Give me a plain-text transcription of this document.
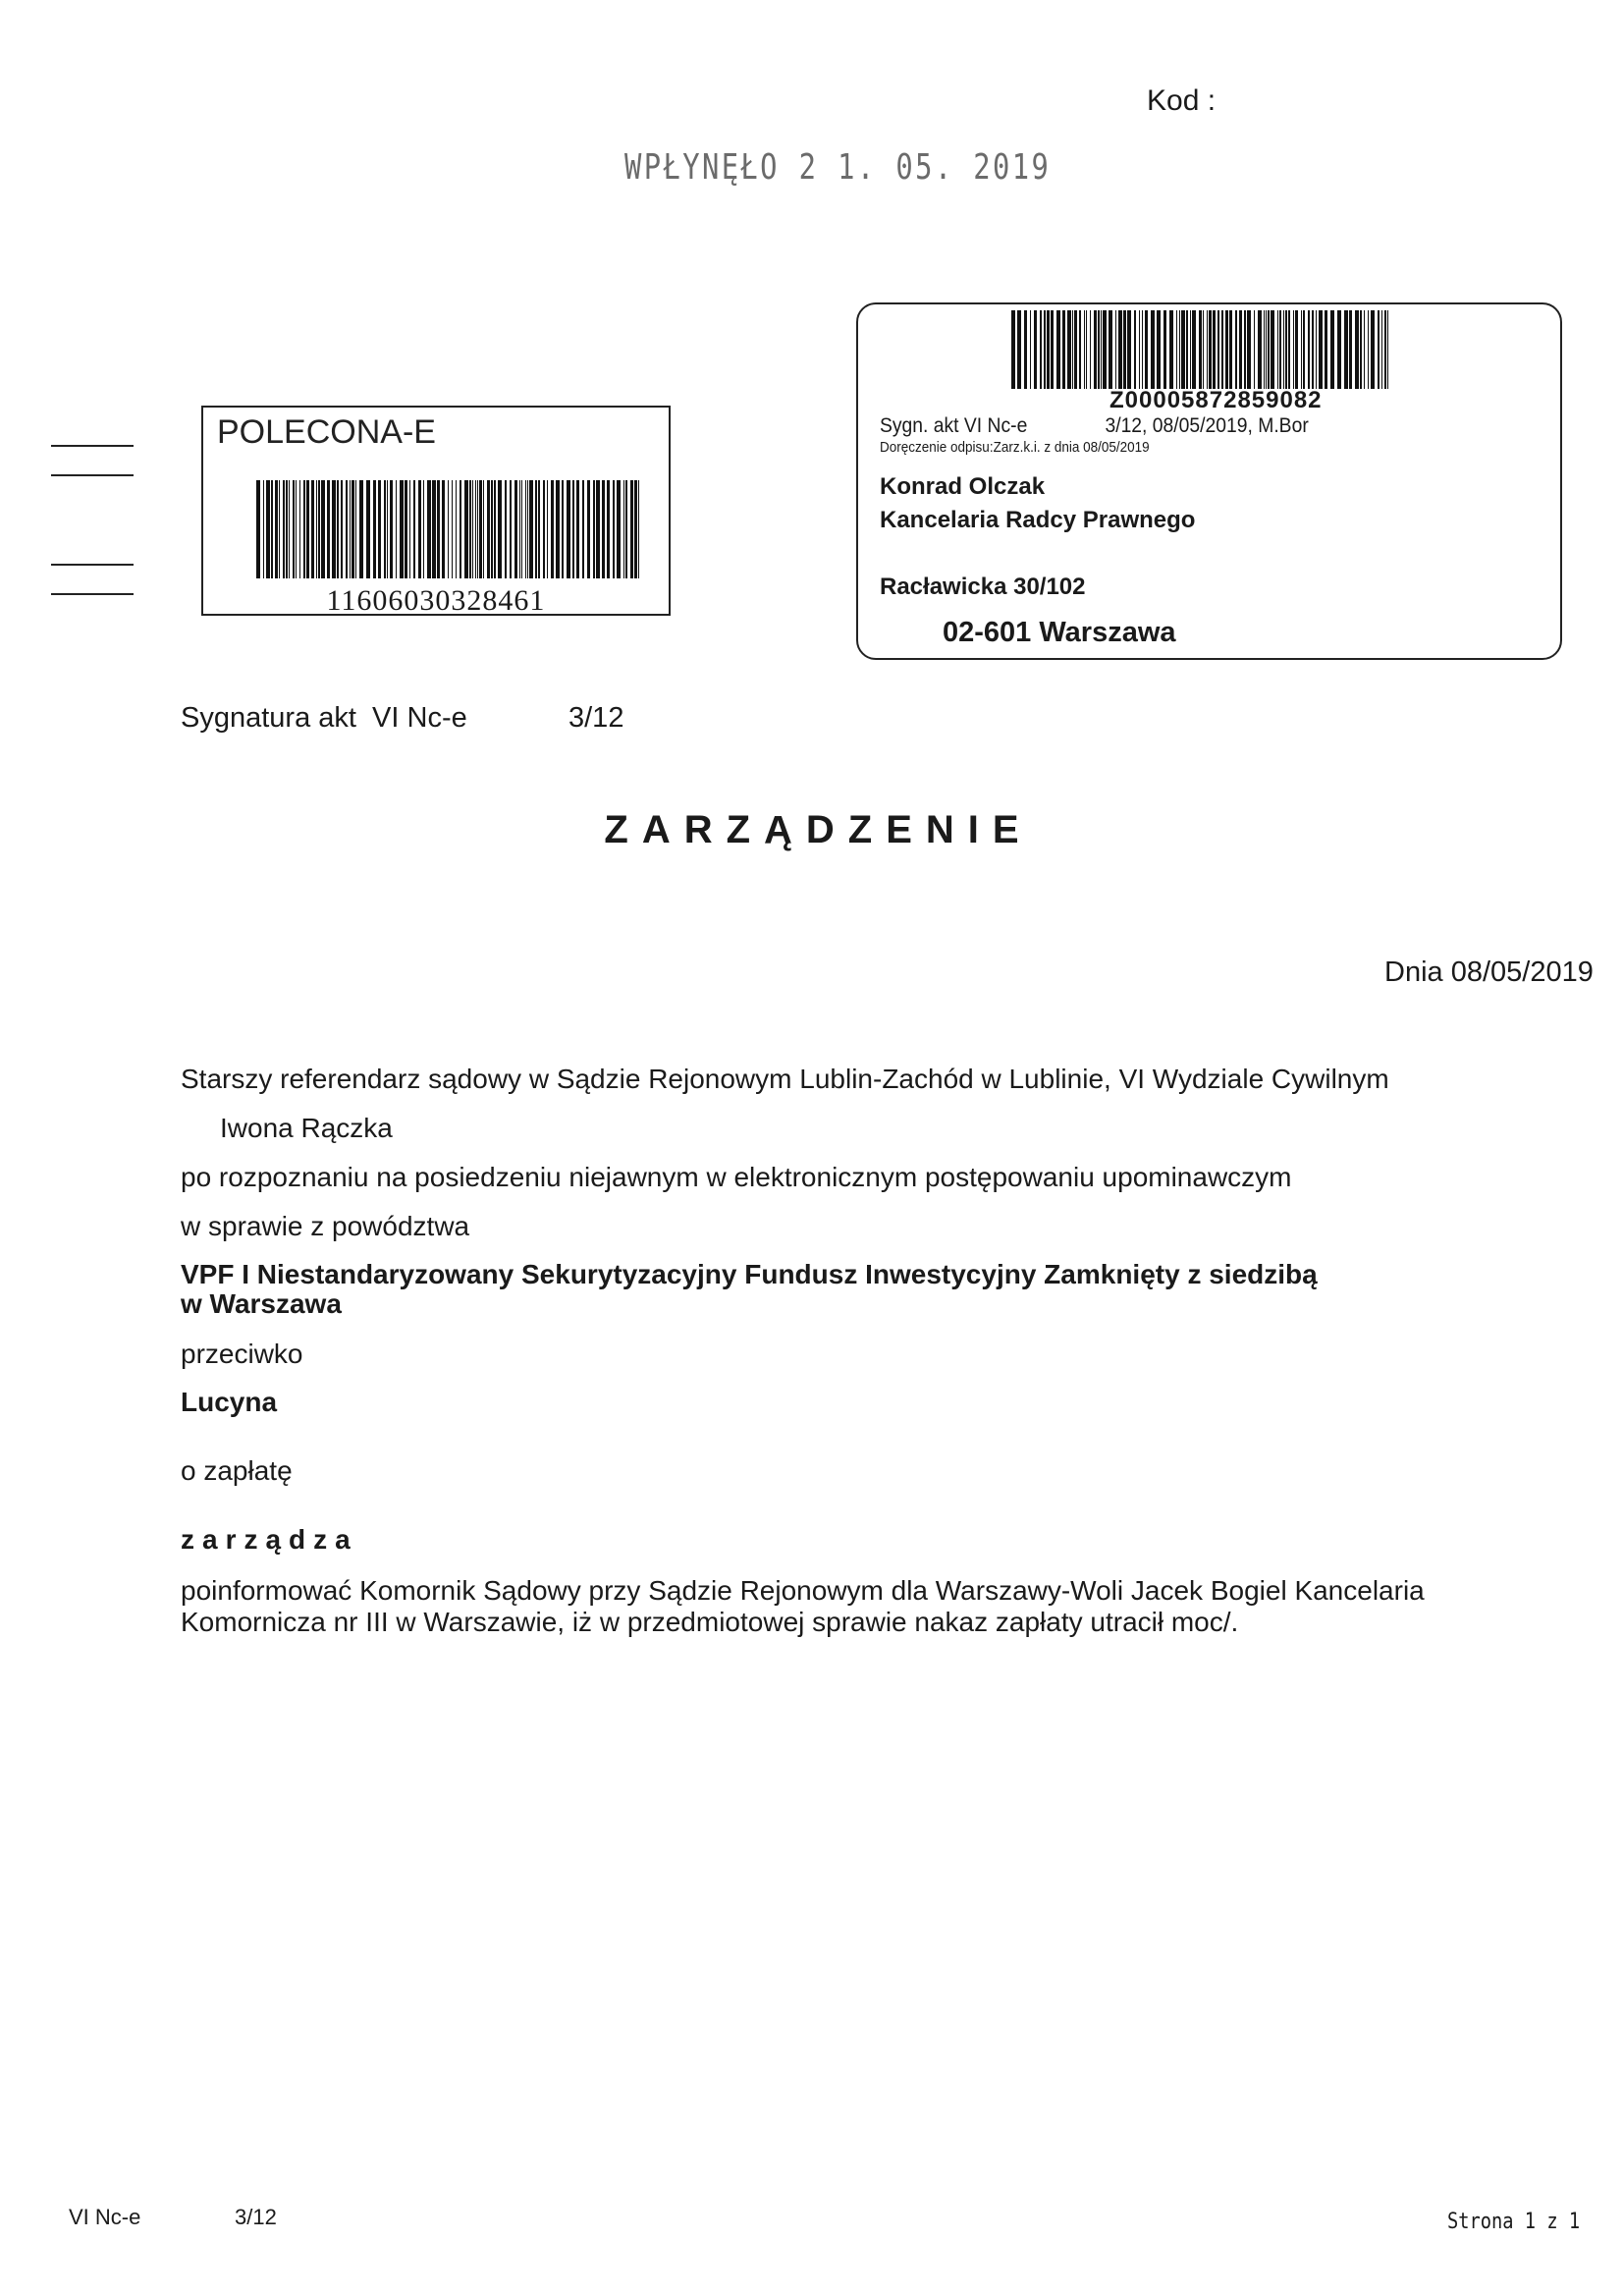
Kod :
WPŁYNĘŁO 2 1. 05. 2019
POLECONA-E
11606030328461
Z00005872859082
Sygn. akt VI Nc-e	3/12, 08/05/2019, M.Bor
Doręczenie odpisu:Zarz.k.i. z dnia 08/05/2019
Konrad Olczak
Kancelaria Radcy Prawnego
Racławicka 30/102
02-601 Warszawa
Sygnatura akt  VI Nc-e	3/12
ZARZĄDZENIE
Dnia 08/05/2019
Starszy referendarz sądowy w Sądzie Rejonowym Lublin-Zachód w Lublinie, VI Wydziale Cywilnym
Iwona Rączka
po rozpoznaniu na posiedzeniu niejawnym w elektronicznym postępowaniu upominawczym
w sprawie z powództwa
VPF I Niestandaryzowany Sekurytyzacyjny Fundusz Inwestycyjny Zamknięty z siedzibą
w Warszawa
przeciwko
Lucyna
o zapłatę
zarządza
poinformować Komornik Sądowy przy Sądzie Rejonowym dla Warszawy-Woli Jacek Bogiel Kancelaria
Komornicza nr III w Warszawie, iż w przedmiotowej sprawie nakaz zapłaty utracił moc/.
VI Nc-e	3/12	Strona 1 z 1
